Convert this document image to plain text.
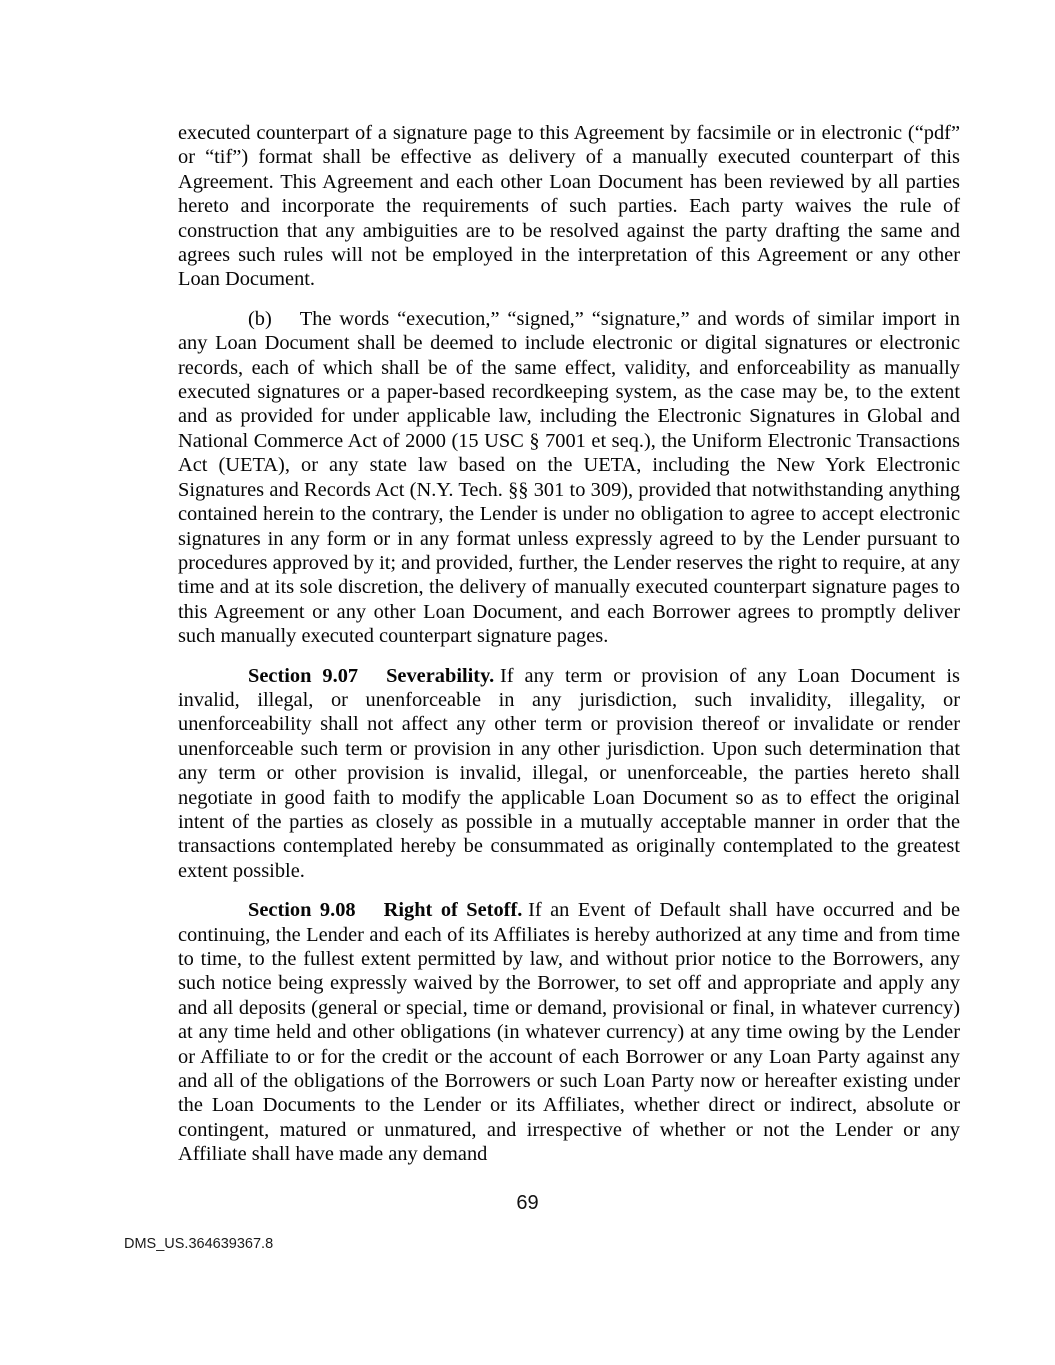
executed counterpart of a signature page to this Agreement by facsimile or in electronic (“pdf” or “tif”) format shall be effective as delivery of a manually executed counterpart of this Agreement. This Agreement and each other Loan Document has been reviewed by all parties hereto and incorporate the requirements of such parties. Each party waives the rule of construction that any ambiguities are to be resolved against the party drafting the same and agrees such rules will not be employed in the interpretation of this Agreement or any other Loan Document.

(b) The words “execution,” “signed,” “signature,” and words of similar import in any Loan Document shall be deemed to include electronic or digital signatures or electronic records, each of which shall be of the same effect, validity, and enforceability as manually executed signatures or a paper-based recordkeeping system, as the case may be, to the extent and as provided for under applicable law, including the Electronic Signatures in Global and National Commerce Act of 2000 (15 USC § 7001 et seq.), the Uniform Electronic Transactions Act (UETA), or any state law based on the UETA, including the New York Electronic Signatures and Records Act (N.Y. Tech. §§ 301 to 309), provided that notwithstanding anything contained herein to the contrary, the Lender is under no obligation to agree to accept electronic signatures in any form or in any format unless expressly agreed to by the Lender pursuant to procedures approved by it; and provided, further, the Lender reserves the right to require, at any time and at its sole discretion, the delivery of manually executed counterpart signature pages to this Agreement or any other Loan Document, and each Borrower agrees to promptly deliver such manually executed counterpart signature pages.

Section 9.07 Severability. If any term or provision of any Loan Document is invalid, illegal, or unenforceable in any jurisdiction, such invalidity, illegality, or unenforceability shall not affect any other term or provision thereof or invalidate or render unenforceable such term or provision in any other jurisdiction. Upon such determination that any term or other provision is invalid, illegal, or unenforceable, the parties hereto shall negotiate in good faith to modify the applicable Loan Document so as to effect the original intent of the parties as closely as possible in a mutually acceptable manner in order that the transactions contemplated hereby be consummated as originally contemplated to the greatest extent possible.

Section 9.08 Right of Setoff. If an Event of Default shall have occurred and be continuing, the Lender and each of its Affiliates is hereby authorized at any time and from time to time, to the fullest extent permitted by law, and without prior notice to the Borrowers, any such notice being expressly waived by the Borrower, to set off and appropriate and apply any and all deposits (general or special, time or demand, provisional or final, in whatever currency) at any time held and other obligations (in whatever currency) at any time owing by the Lender or Affiliate to or for the credit or the account of each Borrower or any Loan Party against any and all of the obligations of the Borrowers or such Loan Party now or hereafter existing under the Loan Documents to the Lender or its Affiliates, whether direct or indirect, absolute or contingent, matured or unmatured, and irrespective of whether or not the Lender or any Affiliate shall have made any demand

69
DMS_US.364639367.8
